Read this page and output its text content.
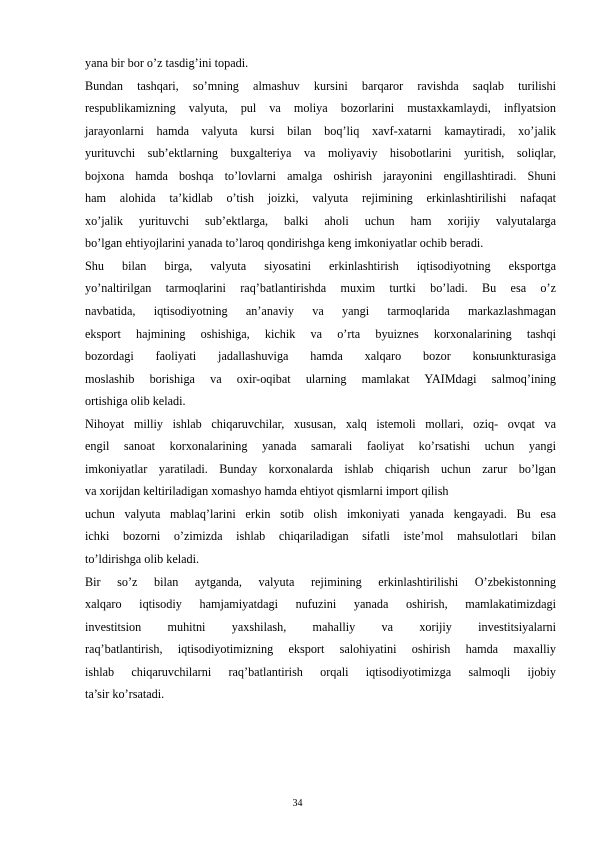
yana bir bor o’z tasdig’ini topadi.
Bundan tashqari, so’mning almashuv kursini barqaror ravishda saqlab turilishi
respublikamizning valyuta, pul va moliya bozorlarini mustaxkamlaydi, inflyatsion
jarayonlarni hamda valyuta kursi bilan boq’liq xavf-xatarni kamaytiradi, xo’jalik
yurituvchi sub’ektlarning buxgalteriya va moliyaviy hisobotlarini yuritish, soliqlar,
bojxona hamda boshqa to’lovlarni amalga oshirish jarayonini engillashtiradi. Shuni
ham alohida ta’kidlab o’tish joizki, valyuta rejimining erkinlashtirilishi nafaqat
xo’jalik yurituvchi sub’ektlarga, balki aholi uchun ham xorijiy valyutalarga
bo’lgan ehtiyojlarini yanada to’laroq qondirishga keng imkoniyatlar ochib beradi.
Shu bilan birga, valyuta siyosatini erkinlashtirish iqtisodiyotning eksportga
yo’naltirilgan tarmoqlarini raq’batlantirishda muxim turtki bo’ladi. Bu esa o’z
navbatida, iqtisodiyotning an’anaviy va yangi tarmoqlarida markazlashmagan
eksport hajmining oshishiga, kichik va o’rta byuiznes korxonalarining tashqi
bozordagi faoliyati jadallashuviga hamda xalqaro bozor konыunkturasiga
moslashib borishiga va oxir-oqibat ularning mamlakat YAIMdagi salmoq’ining
ortishiga olib keladi.
Nihoyat milliy ishlab chiqaruvchilar, xususan, xalq istemoli mollari, oziq- ovqat va
engil sanoat korxonalarining yanada samarali faoliyat ko’rsatishi uchun yangi
imkoniyatlar yaratiladi. Bunday korxonalarda ishlab chiqarish uchun zarur bo’lgan
va xorijdan keltiriladigan xomashyo hamda ehtiyot qismlarni import qilish
uchun valyuta mablaq’larini erkin sotib olish imkoniyati yanada kengayadi. Bu esa
ichki bozorni o’zimizda ishlab chiqariladigan sifatli iste’mol mahsulotlari bilan
to’ldirishga olib keladi.
Bir so’z bilan aytganda, valyuta rejimining erkinlashtirilishi O’zbekistonning
xalqaro iqtisodiy hamjamiyatdagi nufuzini yanada oshirish, mamlakatimizdagi
investitsion muhitni yaxshilash, mahalliy va xorijiy investitsiyalarni
raq’batlantirish, iqtisodiyotimizning eksport salohiyatini oshirish hamda maxalliy
ishlab chiqaruvchilarni raq’batlantirish orqali iqtisodiyotimizga salmoqli ijobiy
ta’sir ko’rsatadi.
34
